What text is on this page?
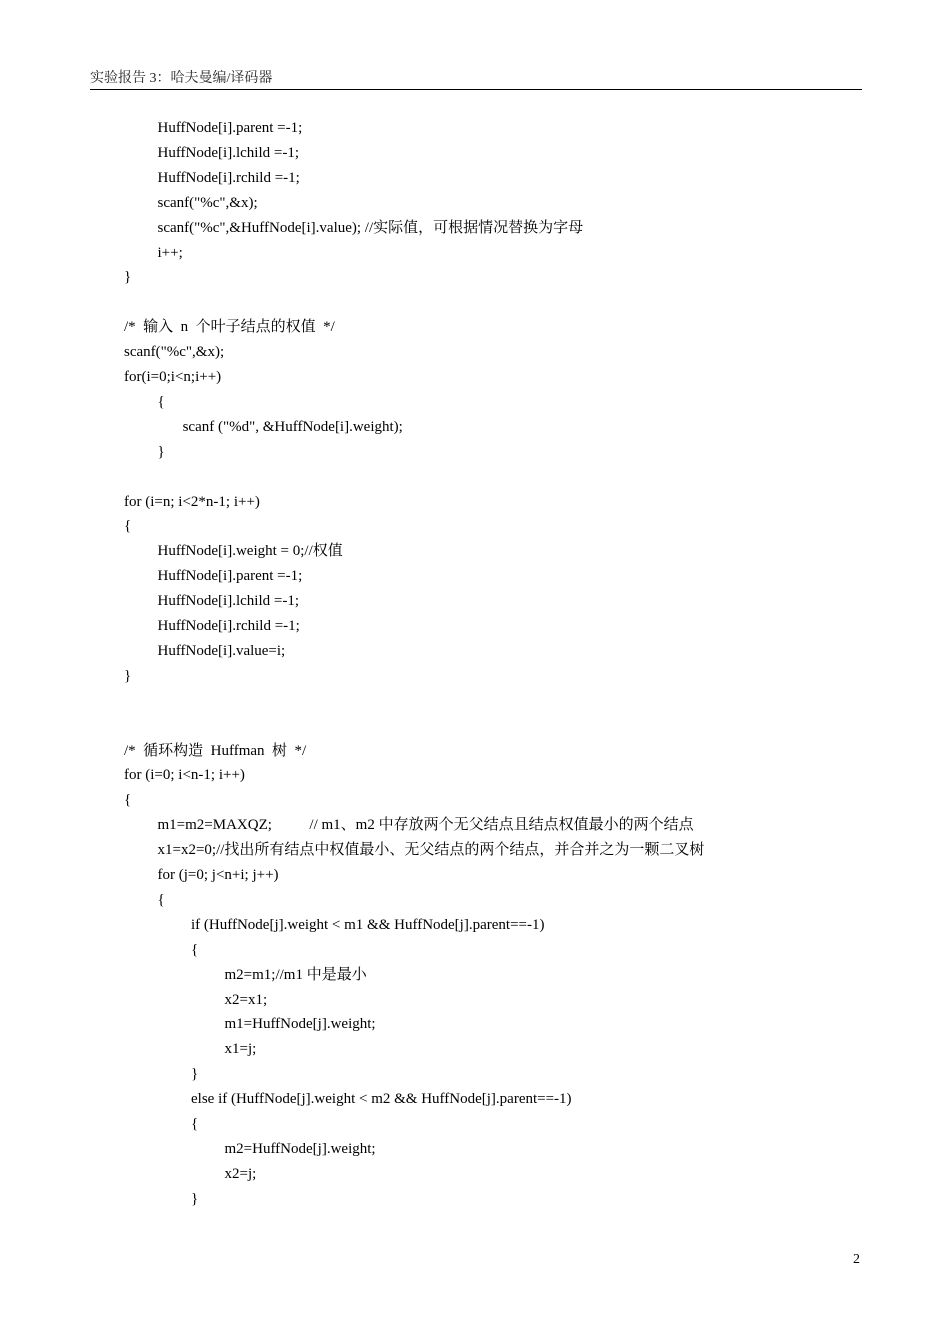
实验报告 3：哈夫曼编/译码器
HuffNode[i].parent =-1;
HuffNode[i].lchild =-1;
HuffNode[i].rchild =-1;
scanf("%c",&x);
scanf("%c",&HuffNode[i].value); //实际值，可根据情况替换为字母
i++;
}
/*  输入  n  个叶子结点的权值  */
scanf("%c",&x);
for(i=0;i<n;i++)
{
scanf ("%d", &HuffNode[i].weight);
}
for (i=n; i<2*n-1; i++)
{
HuffNode[i].weight = 0;//权值
HuffNode[i].parent =-1;
HuffNode[i].lchild =-1;
HuffNode[i].rchild =-1;
HuffNode[i].value=i;
}
/*  循环构造  Huffman  树  */
for (i=0; i<n-1; i++)
{
m1=m2=MAXQZ;          // m1、m2 中存放两个无父结点且结点权值最小的两个结点
x1=x2=0;//找出所有结点中权值最小、无父结点的两个结点，并合并之为一颗二叉树
for (j=0; j<n+i; j++)
{
if (HuffNode[j].weight < m1 && HuffNode[j].parent==-1)
{
m2=m1;//m1 中是最小
x2=x1;
m1=HuffNode[j].weight;
x1=j;
}
else if (HuffNode[j].weight < m2 && HuffNode[j].parent==-1)
{
m2=HuffNode[j].weight;
x2=j;
}
2
